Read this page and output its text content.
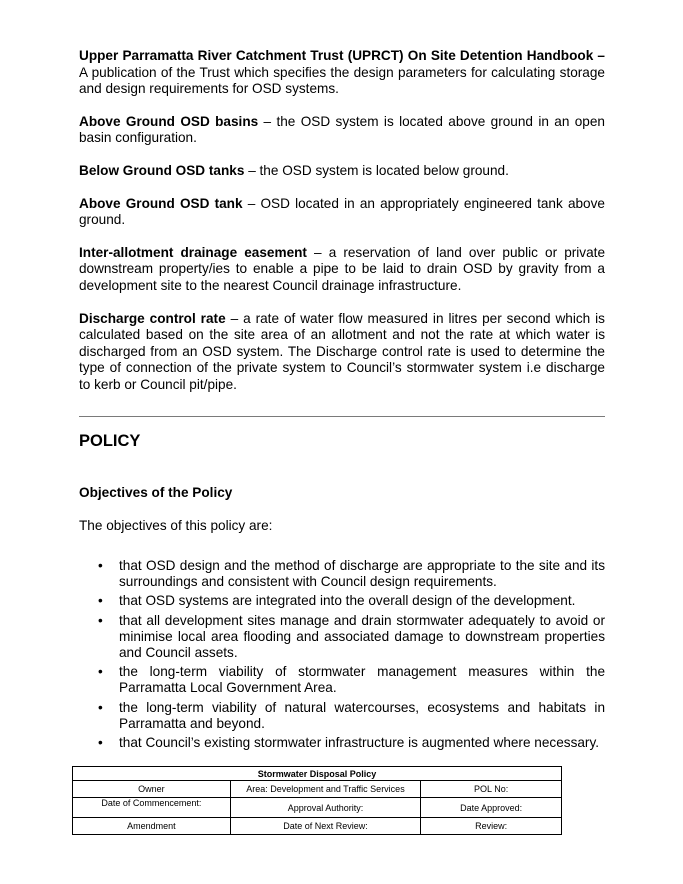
Upper Parramatta River Catchment Trust (UPRCT) On Site Detention Handbook – A publication of the Trust which specifies the design parameters for calculating storage and design requirements for OSD systems.

Above Ground OSD basins – the OSD system is located above ground in an open basin configuration.

Below Ground OSD tanks – the OSD system is located below ground.

Above Ground OSD tank – OSD located in an appropriately engineered tank above ground.

Inter-allotment drainage easement – a reservation of land over public or private downstream property/ies to enable a pipe to be laid to drain OSD by gravity from a development site to the nearest Council drainage infrastructure.

Discharge control rate – a rate of water flow measured in litres per second which is calculated based on the site area of an allotment and not the rate at which water is discharged from an OSD system. The Discharge control rate is used to determine the type of connection of the private system to Council’s stormwater system i.e discharge to kerb or Council pit/pipe.

POLICY
Objectives of the Policy
The objectives of this policy are:
• that OSD design and the method of discharge are appropriate to the site and its surroundings and consistent with Council design requirements.
• that OSD systems are integrated into the overall design of the development.
• that all development sites manage and drain stormwater adequately to avoid or minimise local area flooding and associated damage to downstream properties and Council assets.
• the long-term viability of stormwater management measures within the Parramatta Local Government Area.
• the long-term viability of natural watercourses, ecosystems and habitats in Parramatta and beyond.
• that Council’s existing stormwater infrastructure is augmented where necessary.
Stormwater Disposal Policy		
Owner	Area: Development and Traffic Services	POL No:
Date of Commencement:	Approval Authority:	Date Approved:
Amendment	Date of Next Review:	Review:
